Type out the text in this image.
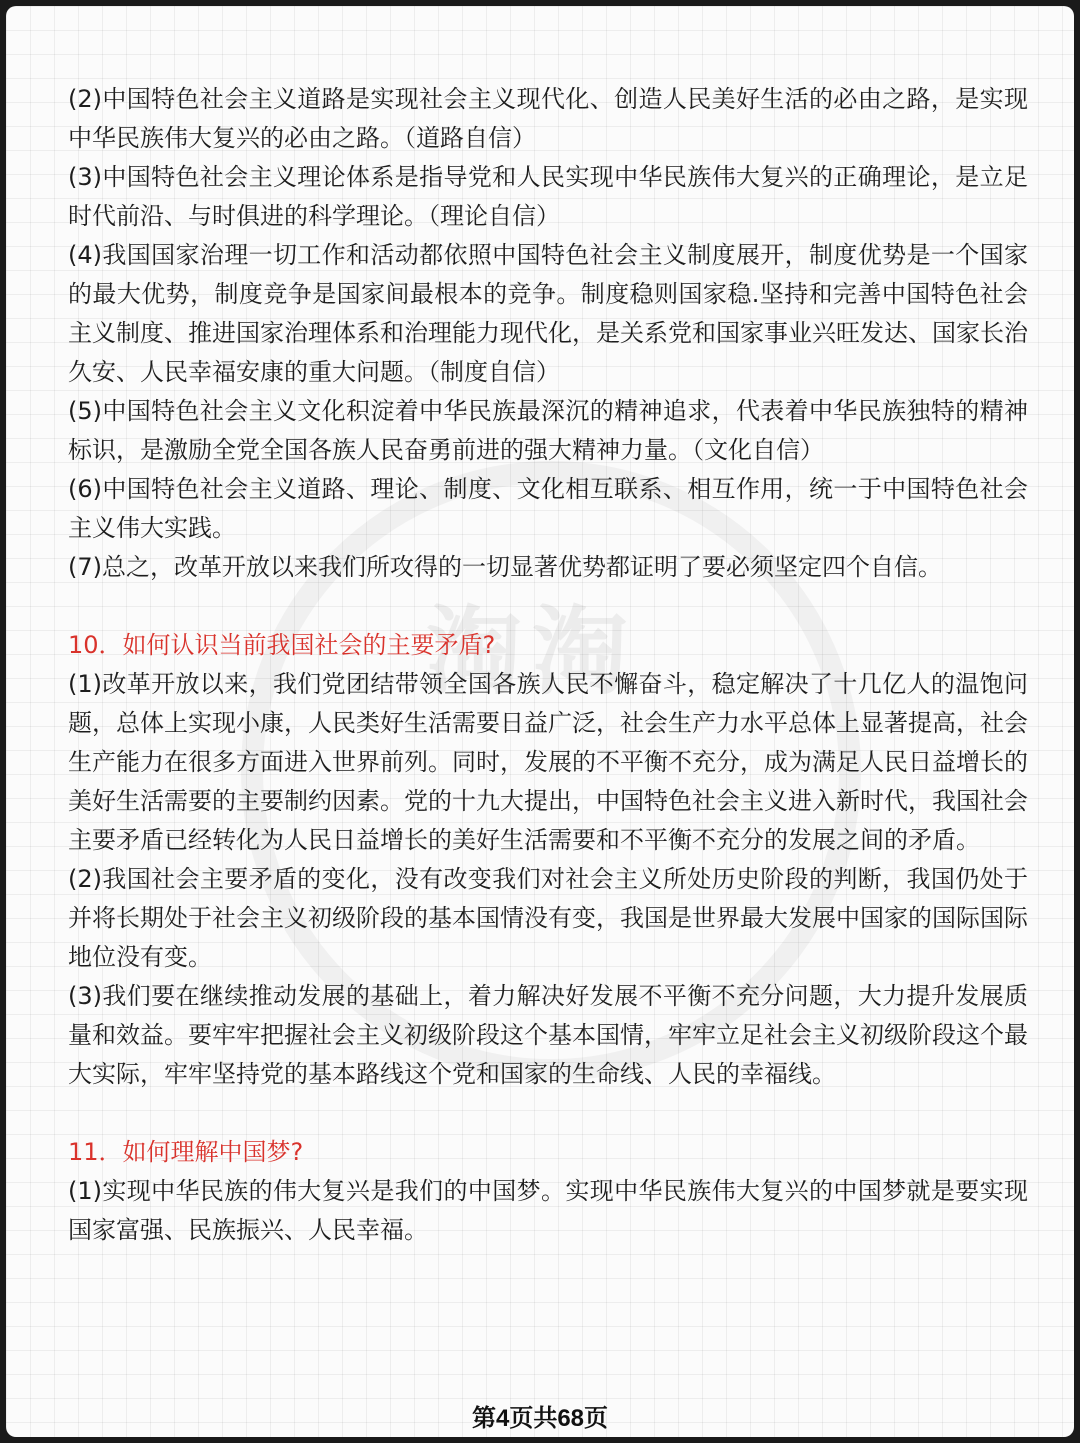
淘淘

(2)中国特色社会主义道路是实现社会主义现代化、创造人民美好生活的必由之路，是实现中华民族伟大复兴的必由之路。（道路自信）

(3)中国特色社会主义理论体系是指导党和人民实现中华民族伟大复兴的正确理论，是立足时代前沿、与时俱进的科学理论。（理论自信）

(4)我国国家治理一切工作和活动都依照中国特色社会主义制度展开，制度优势是一个国家的最大优势，制度竞争是国家间最根本的竞争。制度稳则国家稳.坚持和完善中国特色社会主义制度、推进国家治理体系和治理能力现代化，是关系党和国家事业兴旺发达、国家长治久安、人民幸福安康的重大问题。（制度自信）

(5)中国特色社会主义文化积淀着中华民族最深沉的精神追求，代表着中华民族独特的精神标识，是激励全党全国各族人民奋勇前进的强大精神力量。（文化自信）

(6)中国特色社会主义道路、理论、制度、文化相互联系、相互作用，统一于中国特色社会主义伟大实践。

(7)总之，改革开放以来我们所攻得的一切显著优势都证明了要必须坚定四个自信。

10．如何认识当前我国社会的主要矛盾?

(1)改革开放以来，我们党团结带领全国各族人民不懈奋斗，稳定解决了十几亿人的温饱问题，总体上实现小康，人民类好生活需要日益广泛，社会生产力水平总体上显著提高，社会生产能力在很多方面进入世界前列。同时，发展的不平衡不充分，成为满足人民日益增长的美好生活需要的主要制约因素。党的十九大提出，中国特色社会主义进入新时代，我国社会主要矛盾已经转化为人民日益增长的美好生活需要和不平衡不充分的发展之间的矛盾。

(2)我国社会主要矛盾的变化，没有改变我们对社会主义所处历史阶段的判断，我国仍处于并将长期处于社会主义初级阶段的基本国情没有变，我国是世界最大发展中国家的国际国际地位没有变。

(3)我们要在继续推动发展的基础上，着力解决好发展不平衡不充分问题，大力提升发展质量和效益。要牢牢把握社会主义初级阶段这个基本国情，牢牢立足社会主义初级阶段这个最大实际，牢牢坚持党的基本路线这个党和国家的生命线、人民的幸福线。

11．如何理解中国梦?

(1)实现中华民族的伟大复兴是我们的中国梦。实现中华民族伟大复兴的中国梦就是要实现国家富强、民族振兴、人民幸福。

第4页共68页
